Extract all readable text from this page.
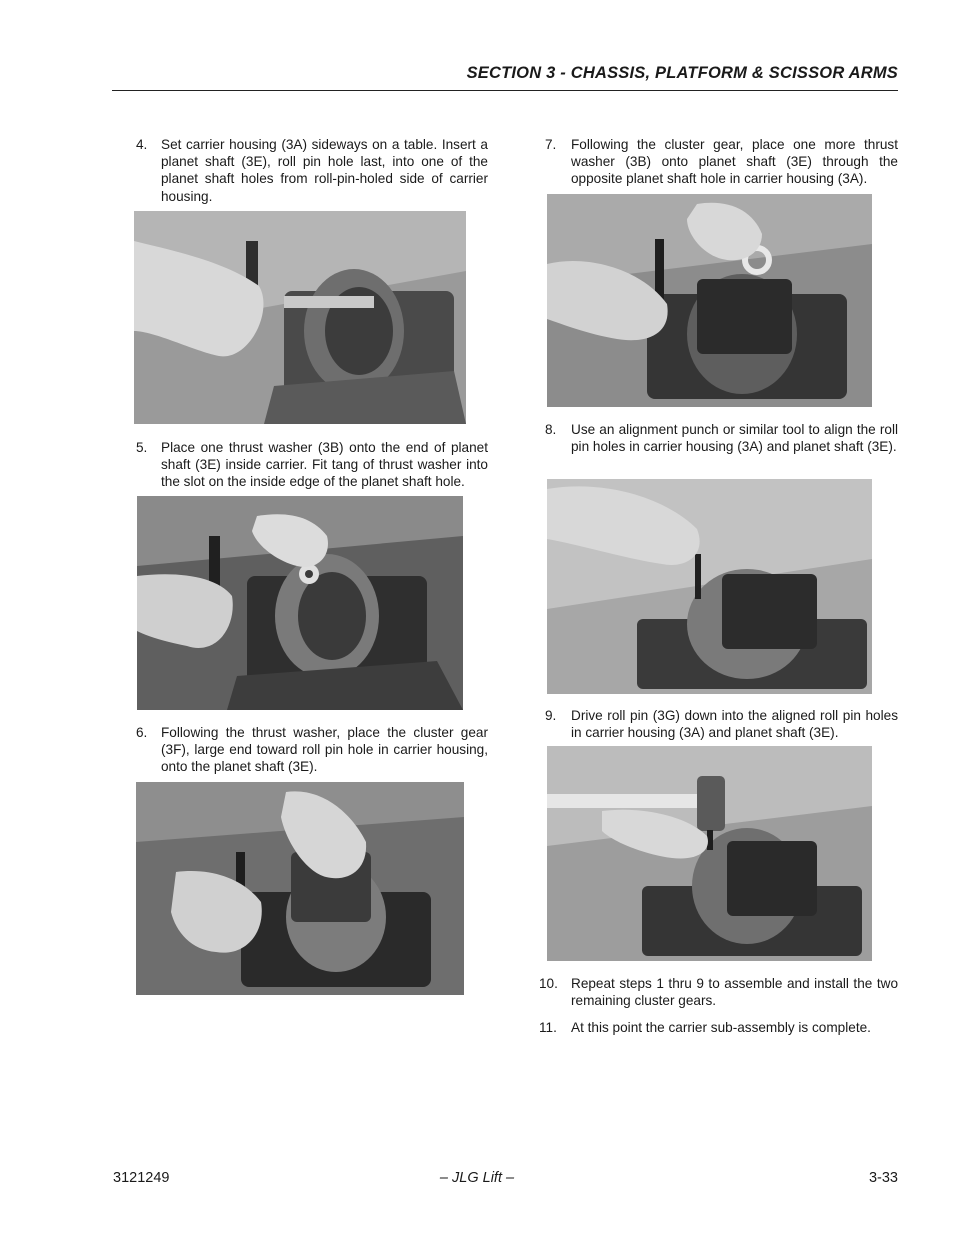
SECTION 3 - CHASSIS, PLATFORM & SCISSOR ARMS
4. Set carrier housing (3A) sideways on a table. Insert a planet shaft (3E), roll pin hole last, into one of the planet shaft holes from roll-pin-holed side of carrier housing.
5. Place one thrust washer (3B) onto the end of planet shaft (3E) inside carrier. Fit tang of thrust washer into the slot on the inside edge of the planet shaft hole.
6. Following the thrust washer, place the cluster gear (3F), large end toward roll pin hole in carrier housing, onto the planet shaft (3E).
7. Following the cluster gear, place one more thrust washer (3B) onto planet shaft (3E) through the opposite planet shaft hole in carrier housing (3A).
8. Use an alignment punch or similar tool to align the roll pin holes in carrier housing (3A) and planet shaft (3E).
9. Drive roll pin (3G) down into the aligned roll pin holes in carrier housing (3A) and planet shaft (3E).
10. Repeat steps 1 thru 9 to assemble and install the two remaining cluster gears.
11. At this point the carrier sub-assembly is complete.
3121249	– JLG Lift –	3-33
